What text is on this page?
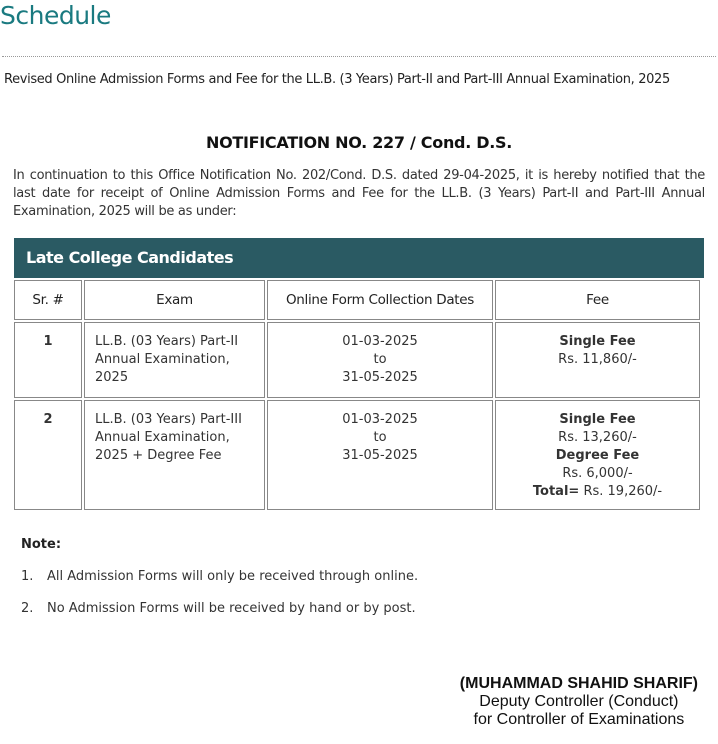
Schedule
Revised Online Admission Forms and Fee for the LL.B. (3 Years) Part-II and Part-III Annual Examination, 2025
NOTIFICATION NO. 227 / Cond. D.S.
In continuation to this Office Notification No. 202/Cond. D.S. dated 29-04-2025, it is hereby notified that the last date for receipt of Online Admission Forms and Fee for the LL.B. (3 Years) Part-II and Part-III Annual Examination, 2025 will be as under:
Late College Candidates
Sr. #	Exam	Online Form Collection Dates	Fee
1	LL.B. (03 Years) Part-II Annual Examination, 2025	01-03-2025
to
31-05-2025	Single Fee
Rs. 11,860/-

2	LL.B. (03 Years) Part-III Annual Examination, 2025 + Degree Fee	01-03-2025
to
31-05-2025	Single Fee
Rs. 13,260/-
Degree Fee
Rs. 6,000/-
Total= Rs. 19,260/-
Note:
1. All Admission Forms will only be received through online.
2. No Admission Forms will be received by hand or by post.
(MUHAMMAD SHAHID SHARIF)
Deputy Controller (Conduct)
for Controller of Examinations
